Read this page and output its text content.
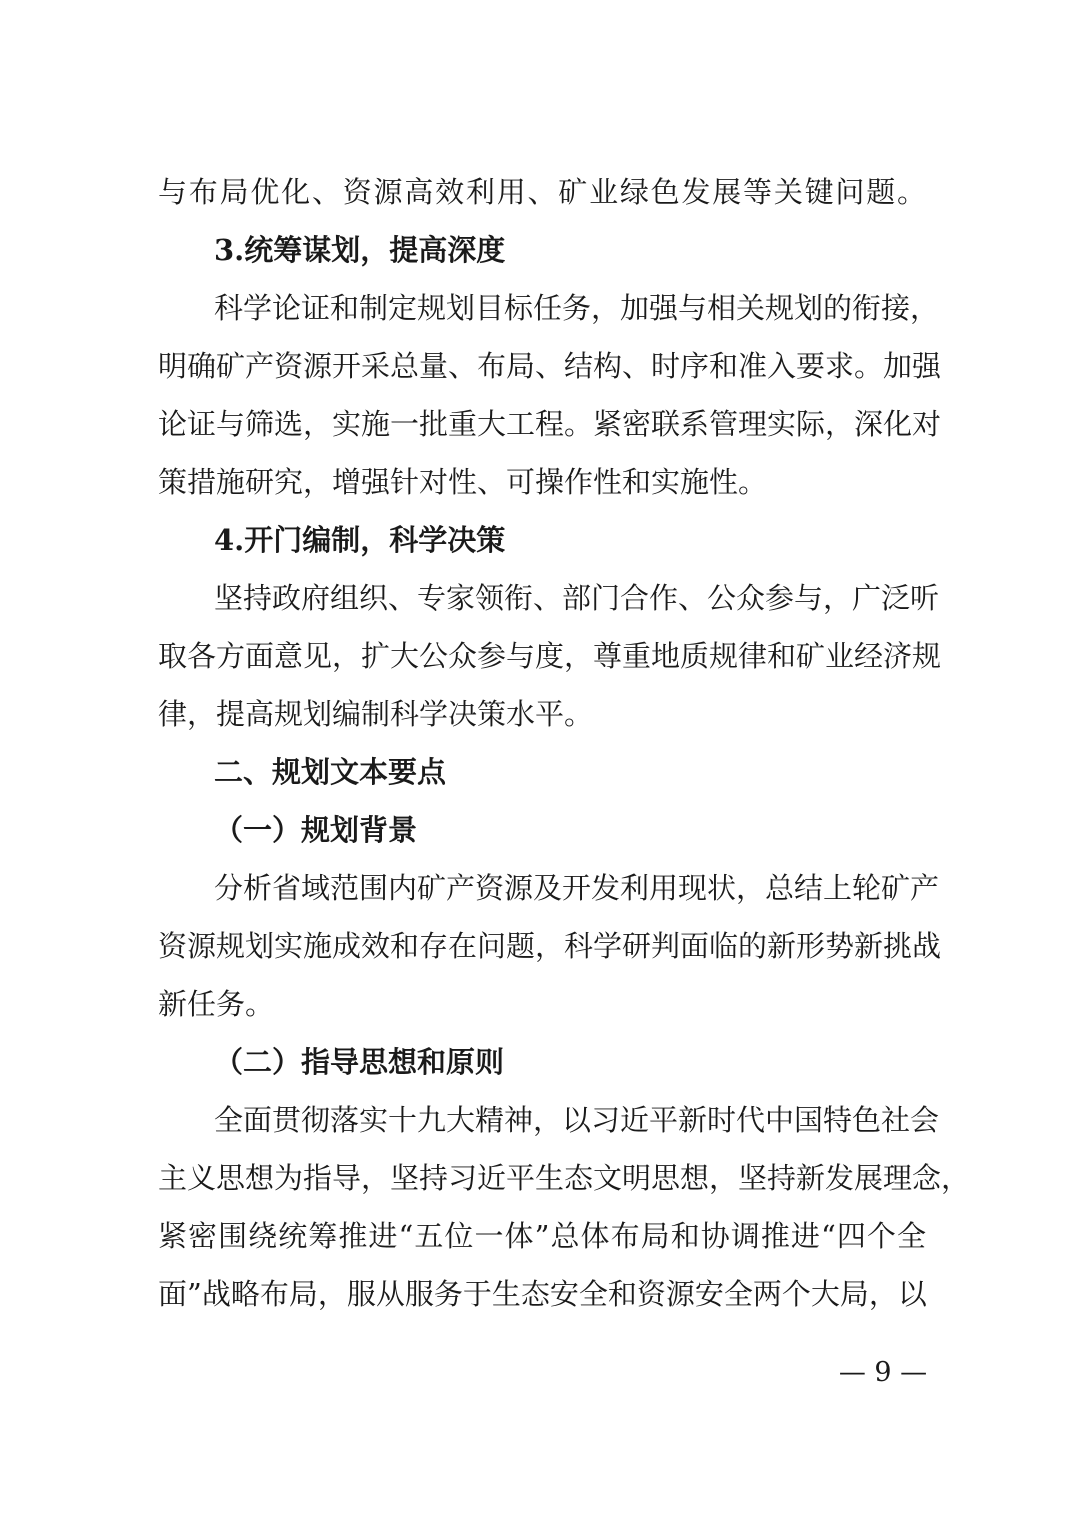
与布局优化、资源高效利用、矿业绿色发展等关键问题。
3.统筹谋划，提高深度
科学论证和制定规划目标任务，加强与相关规划的衔接，
明确矿产资源开采总量、布局、结构、时序和准入要求。加强
论证与筛选，实施一批重大工程。紧密联系管理实际，深化对
策措施研究，增强针对性、可操作性和实施性。
4.开门编制，科学决策
坚持政府组织、专家领衔、部门合作、公众参与，广泛听
取各方面意见，扩大公众参与度，尊重地质规律和矿业经济规
律，提高规划编制科学决策水平。
二、规划文本要点
（一）规划背景
分析省域范围内矿产资源及开发利用现状，总结上轮矿产
资源规划实施成效和存在问题，科学研判面临的新形势新挑战
新任务。
（二）指导思想和原则
全面贯彻落实十九大精神，以习近平新时代中国特色社会
主义思想为指导，坚持习近平生态文明思想，坚持新发展理念，
紧密围绕统筹推进“五位一体”总体布局和协调推进“四个全
面”战略布局，服从服务于生态安全和资源安全两个大局，以
— 9 —
